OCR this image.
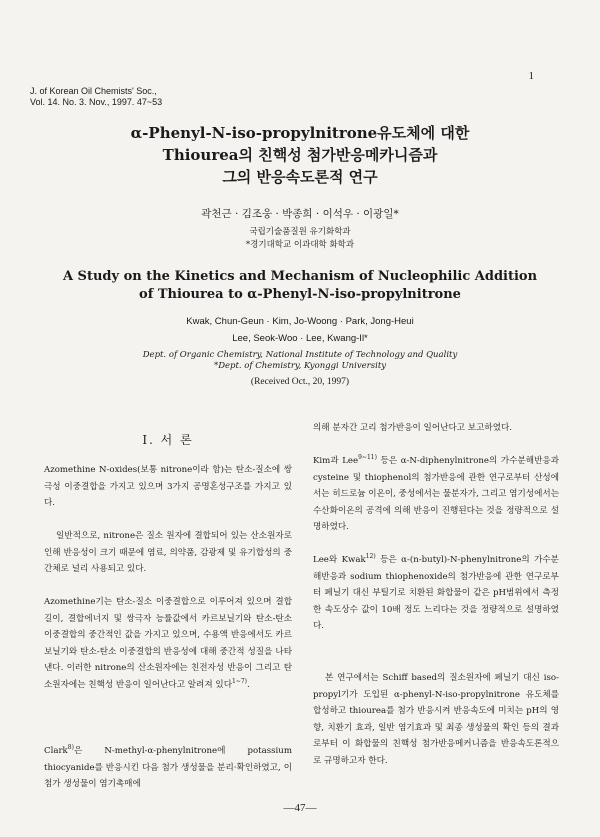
J. of Korean Oil Chemists' Soc.,
Vol. 14. No. 3. Nov., 1997. 47~53
1
α-Phenyl-N-iso-propylnitrone유도체에 대한
Thiourea의 친핵성 첨가반응메카니즘과
그의 반응속도론적 연구
곽천근 · 김조웅 · 박종희 · 이석우 · 이광일*
국립기술품질원 유기화학과
*경기대학교 이과대학 화학과
A Study on the Kinetics and Mechanism of Nucleophilic Addition
of Thiourea to α-Phenyl-N-iso-propylnitrone
Kwak, Chun-Geun · Kim, Jo-Woong · Park, Jong-Heui
Lee, Seok-Woo · Lee, Kwang-Il*
Dept. of Organic Chemistry, National Institute of Technology and Quality
*Dept. of Chemistry, Kyonggi University
(Received Oct., 20, 1997)
Ⅰ. 서 론

Azomethine N-oxides(보통 nitrone이라 함)는 탄소-질소에 쌍극성 이중결합을 가지고 있으며 3가지 공명혼성구조를 가지고 있다.

일반적으로, nitrone은 질소 원자에 결합되어 있는 산소원자로 인해 반응성이 크기 때문에 염료, 의약품, 감광제 및 유기합성의 중간체로 널리 사용되고 있다.

Azomethine기는 탄소-질소 이중결합으로 이루어져 있으며 결합길이, 결합에너지 및 쌍극자 능률값에서 카르보닐기와 탄소-탄소 이중결합의 중간적인 값을 가지고 있으며, 수용액 반응에서도 카르보닐기와 탄소-탄소 이중결합의 반응성에 대해 중간적 성질을 나타낸다. 이러한 nitrone의 산소원자에는 친전자성 반응이 그리고 탄소원자에는 친핵성 반응이 일어난다고 알려져 있다$^{1\sim 7)}$.

Clark$^{8)}$은 N-methyl-α-phenylnitrone에 potassium thiocyanide를 반응시킨 다음 첨가 생성물을 분리·확인하였고, 이 첨가 생성물이 염기촉매에

의해 분자간 고리 첨가반응이 일어난다고 보고하였다.

Kim과 Lee$^{9\sim 11)}$ 등은 α-N-diphenylnitrone의 가수분해반응과 cysteine 및 thiophenol의 첨가반응에 관한 연구로부터 산성에서는 히드로늄 이온이, 중성에서는 물분자가, 그리고 염기성에서는 수산화이온의 공격에 의해 반응이 진행된다는 것을 정량적으로 설명하였다.

Lee와 Kwak$^{12)}$ 등은 α-(n-butyl)-N-phenylnitrone의 가수분해반응과 sodium thiophenoxide의 첨가반응에 관한 연구로부터 페닐기 대신 부틸기로 치환된 화합물이 같은 pH범위에서 측정한 속도상수 값이 10배 정도 느리다는 것을 정량적으로 설명하였다.

본 연구에서는 Schiff based의 질소원자에 페닐기 대신 iso-propyl기가 도입된 α-phenyl-N-iso-propylnitrone 유도체를 합성하고 thiourea를 첨가 반응시켜 반응속도에 미치는 pH의 영향, 치환기 효과, 일반 염기효과 및 최종 생성물의 확인 등의 결과로부터 이 화합물의 친핵성 첨가반응메커니즘을 반응속도론적으로 규명하고자 한다.

—47—
